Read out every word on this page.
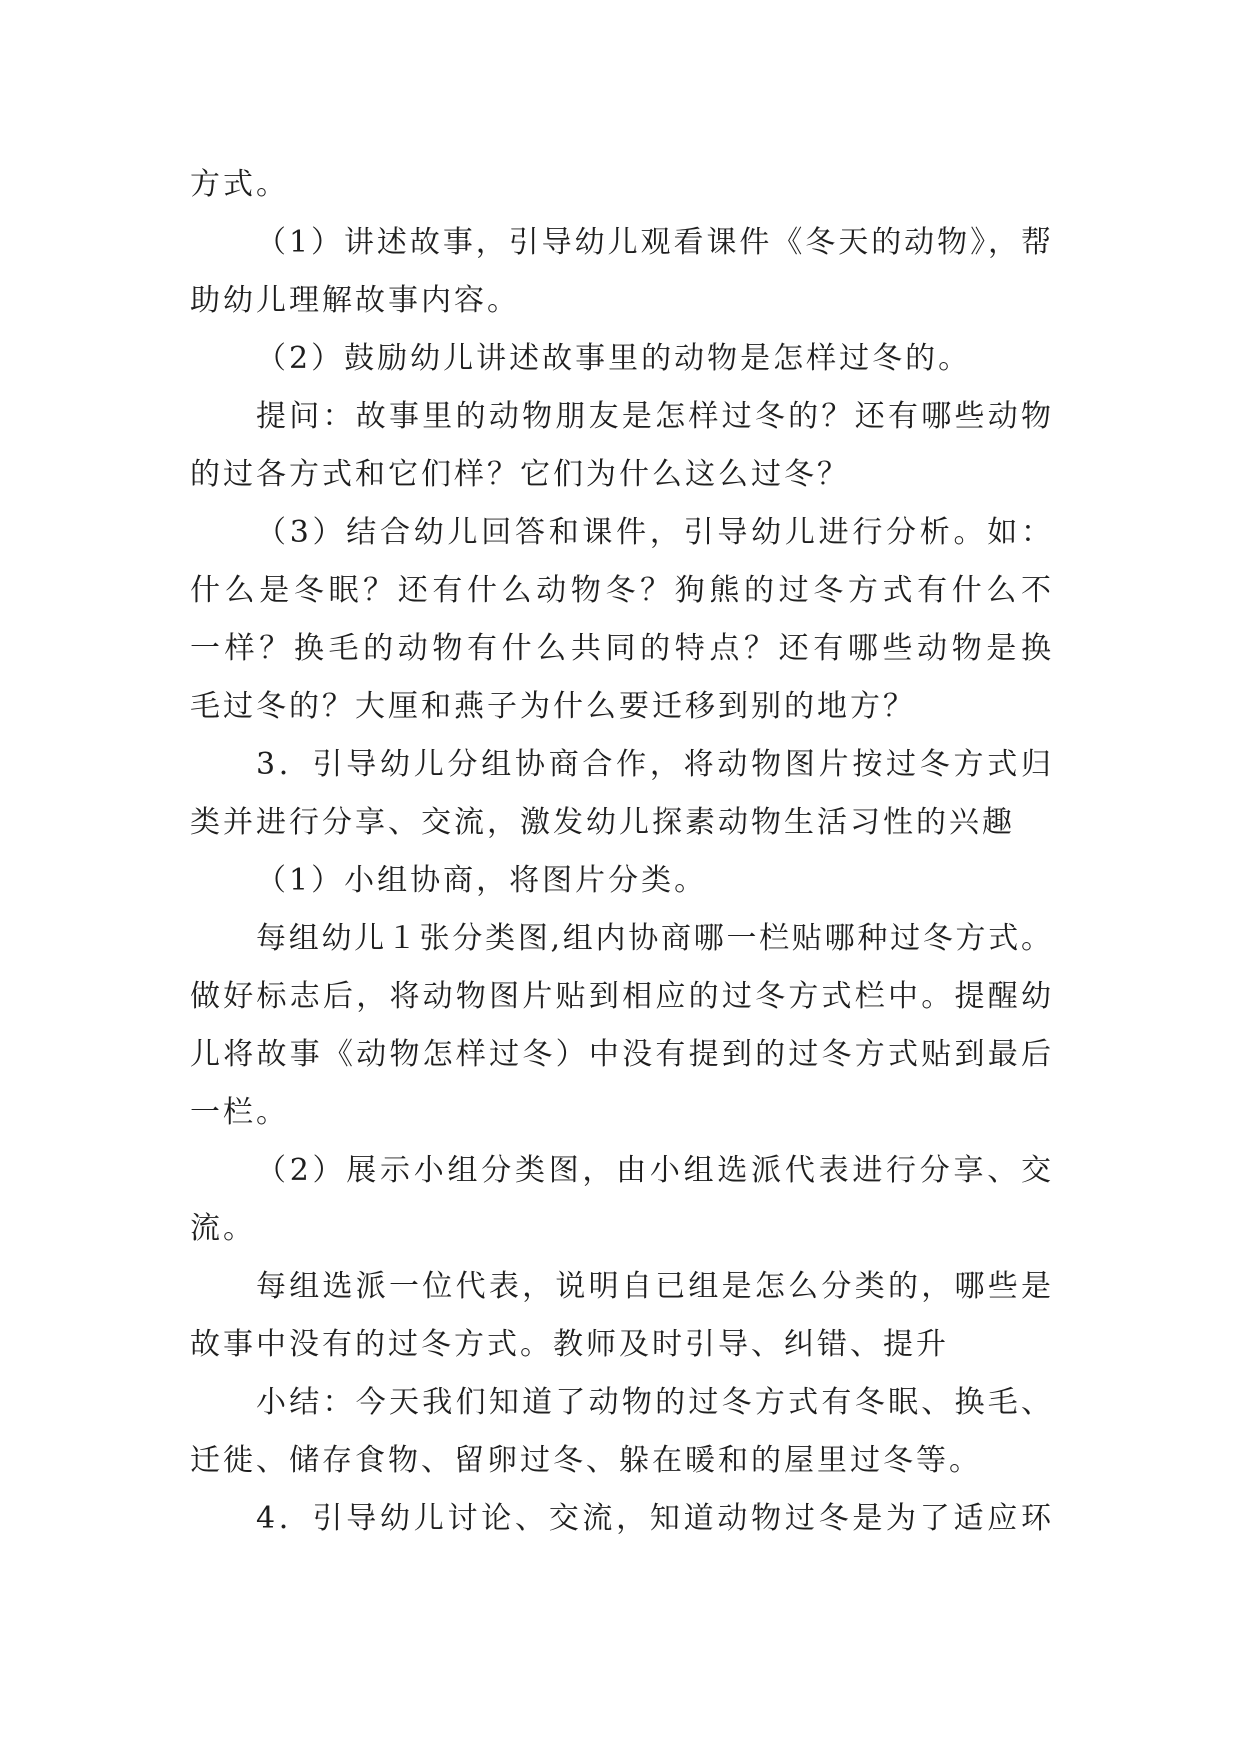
方式。
（1）讲述故事，引导幼儿观看课件《冬天的动物》，帮
助幼儿理解故事内容。
（2）鼓励幼儿讲述故事里的动物是怎样过冬的。
提问：故事里的动物朋友是怎样过冬的？还有哪些动物
的过各方式和它们样？它们为什么这么过冬？
（3）结合幼儿回答和课件，引导幼儿进行分析。如：
什么是冬眠？还有什么动物冬？狗熊的过冬方式有什么不
一样？换毛的动物有什么共同的特点？还有哪些动物是换
毛过冬的？大厘和燕子为什么要迁移到别的地方？
3．引导幼儿分组协商合作，将动物图片按过冬方式归
类并进行分享、交流，激发幼儿探素动物生活习性的兴趣
（1）小组协商，将图片分类。
每组幼儿１张分类图,组内协商哪一栏贴哪种过冬方式。
做好标志后，将动物图片贴到相应的过冬方式栏中。提醒幼
儿将故事《动物怎样过冬）中没有提到的过冬方式贴到最后
一栏。
（2）展示小组分类图，由小组选派代表进行分享、交
流。
每组选派一位代表，说明自已组是怎么分类的，哪些是
故事中没有的过冬方式。教师及时引导、纠错、提升
小结：今天我们知道了动物的过冬方式有冬眠、换毛、
迁徙、储存食物、留卵过冬、躲在暖和的屋里过冬等。
4．引导幼儿讨论、交流，知道动物过冬是为了适应环
